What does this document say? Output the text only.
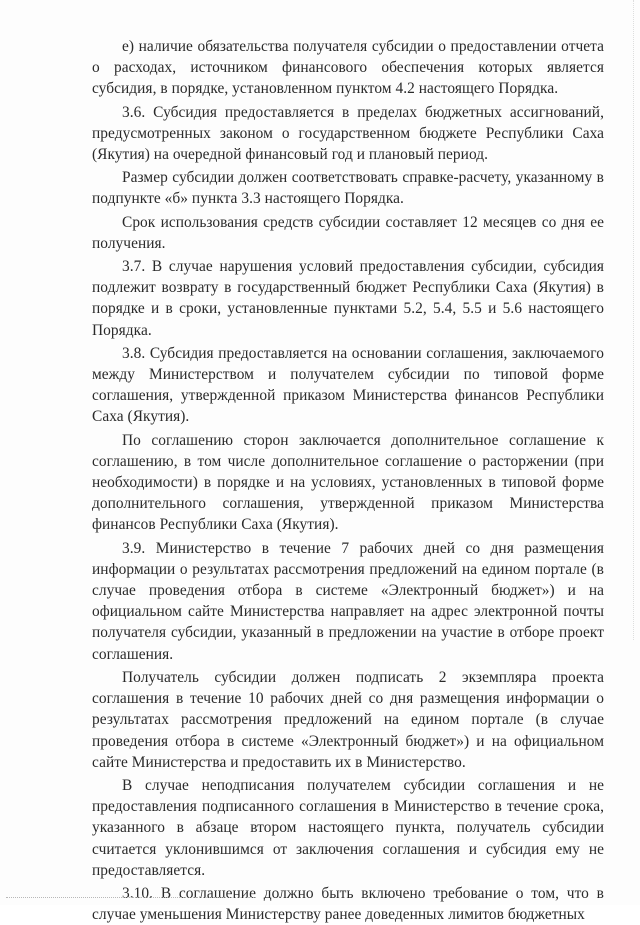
е) наличие обязательства получателя субсидии о предоставлении отчета о расходах, источником финансового обеспечения которых является субсидия, в порядке, установленном пунктом 4.2 настоящего Порядка.

3.6. Субсидия предоставляется в пределах бюджетных ассигнований, предусмотренных законом о государственном бюджете Республики Саха (Якутия) на очередной финансовый год и плановый период.

Размер субсидии должен соответствовать справке-расчету, указанному в подпункте «б» пункта 3.3 настоящего Порядка.

Срок использования средств субсидии составляет 12 месяцев со дня ее получения.

3.7. В случае нарушения условий предоставления субсидии, субсидия подлежит возврату в государственный бюджет Республики Саха (Якутия) в порядке и в сроки, установленные пунктами 5.2, 5.4, 5.5 и 5.6 настоящего Порядка.

3.8. Субсидия предоставляется на основании соглашения, заключаемого между Министерством и получателем субсидии по типовой форме соглашения, утвержденной приказом Министерства финансов Республики Саха (Якутия).

По соглашению сторон заключается дополнительное соглашение к соглашению, в том числе дополнительное соглашение о расторжении (при необходимости) в порядке и на условиях, установленных в типовой форме дополнительного соглашения, утвержденной приказом Министерства финансов Республики Саха (Якутия).

3.9. Министерство в течение 7 рабочих дней со дня размещения информации о результатах рассмотрения предложений на едином портале (в случае проведения отбора в системе «Электронный бюджет») и на официальном сайте Министерства направляет на адрес электронной почты получателя субсидии, указанный в предложении на участие в отборе проект соглашения.

Получатель субсидии должен подписать 2 экземпляра проекта соглашения в течение 10 рабочих дней со дня размещения информации о результатах рассмотрения предложений на едином портале (в случае проведения отбора в системе «Электронный бюджет») и на официальном сайте Министерства и предоставить их в Министерство.

В случае неподписания получателем субсидии соглашения и не предоставления подписанного соглашения в Министерство в течение срока, указанного в абзаце втором настоящего пункта, получатель субсидии считается уклонившимся от заключения соглашения и субсидия ему не предоставляется.

3.10. В соглашение должно быть включено требование о том, что в случае уменьшения Министерству ранее доведенных лимитов бюджетных
